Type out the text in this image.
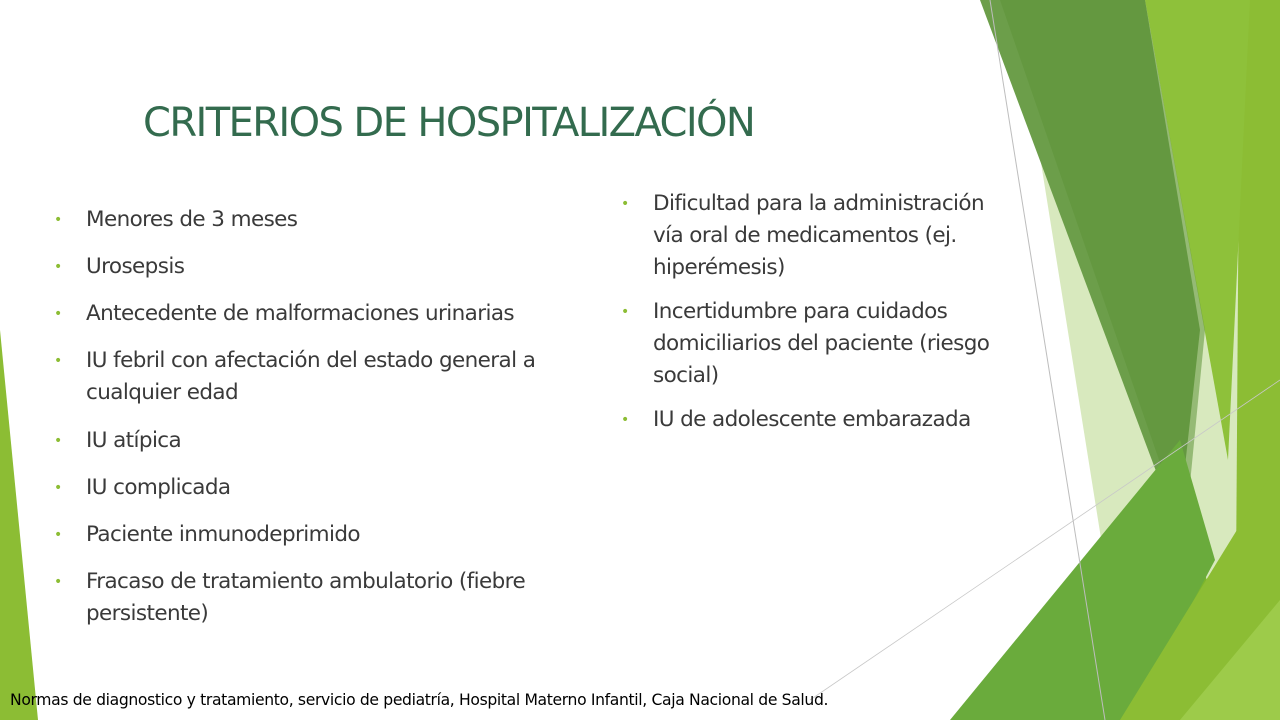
CRITERIOS DE HOSPITALIZACIÓN
• Menores de 3 meses
• Urosepsis
• Antecedente de malformaciones urinarias
• IU febril con afectación del estado general a cualquier edad
• IU atípica
• IU complicada
• Paciente inmunodeprimido
• Fracaso de tratamiento ambulatorio (fiebre persistente)
• Dificultad para la administración vía oral de medicamentos (ej. hiperémesis)
• Incertidumbre para cuidados domiciliarios del paciente (riesgo social)
• IU de adolescente embarazada
Normas de diagnostico y tratamiento, servicio de pediatría, Hospital Materno Infantil, Caja Nacional de Salud.
